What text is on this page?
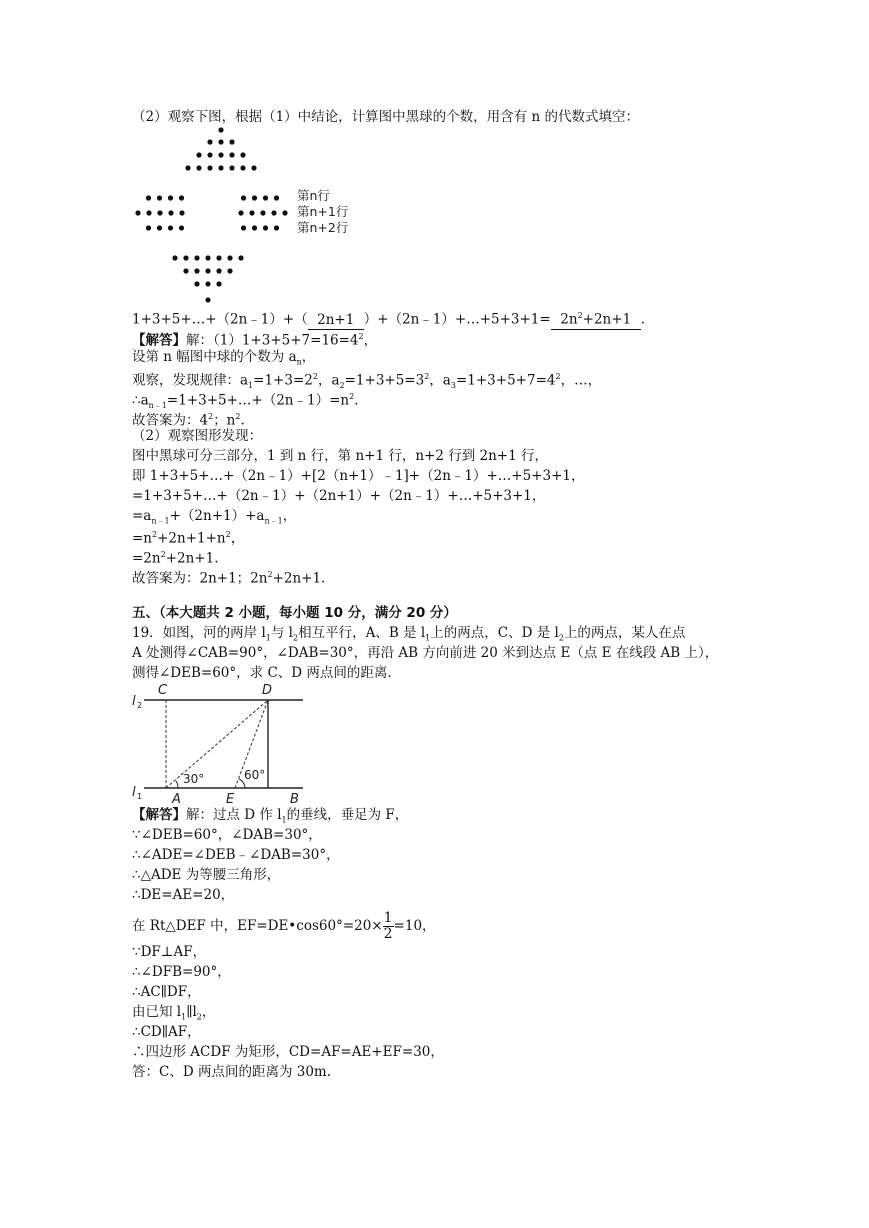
（2）观察下图，根据（1）中结论，计算图中黑球的个数，用含有 n 的代数式填空：
第n行
第n+1行
第n+2行
1+3+5+…+（2n﹣1）+（ 2n+1 ）+（2n﹣1）+…+5+3+1= $2n^2+2n+1$ .
【解答】解：$(1)1+3+5+7=16=4^2$，
设第 n 幅图中球的个数为 $a_n$，
观察，发现规律：$a_1=1+3=2^2$，$a_2=1+3+5=3^2$，$a_3=1+3+5+7=4^2$，…，
$\therefore a_{n﹣1}=1+3+5+\dots+(2n﹣1)=n^2$.
故答案为：$4^2$；$n^2$.
（2）观察图形发现：
图中黑球可分三部分，1 到 n 行，第 n+1 行，n+2 行到 2n+1 行，
即 1+3+5+…+（2n﹣1）+[2（n+1）﹣1]+（2n﹣1）+…+5+3+1，
=1+3+5+…+（2n﹣1）+（2n+1）+（2n﹣1）+…+5+3+1，
$=a_{n﹣1}+(2n+1)+a_{n﹣1}$，
$=n^2+2n+1+n^2$，
$=2n^2+2n+1$.
故答案为：2n+1；$2n^2+2n+1$.
五、（本大题共 2 小题，每小题 10 分，满分 20 分）
19．如图，河的两岸 $l_1$与 $l_2$相互平行，A、B 是 $l_1$上的两点，C、D 是 $l_2$上的两点，某人在点
A 处测得∠CAB=90°，∠DAB=30°，再沿 AB 方向前进 20 米到达点 E（点 E 在线段 AB 上），
测得∠DEB=60°，求 C、D 两点间的距离.
C	D
A	E	B
l
l
2
1
30°	60°
【解答】解：过点 D 作 $l_1$的垂线，垂足为 F，
∵∠DEB=60°，∠DAB=30°，
∴∠ADE=∠DEB﹣∠DAB=30°，
∴△ADE 为等腰三角形，
∴DE=AE=20，
在 Rt△DEF 中，EF=DE•cos60°=20× $\frac{1}{2} =10$，
∵DF⊥AF，
∴∠DFB=90°，
∴AC∥DF，
由已知 $l_1\parallel l_2$，
∴CD∥AF，
∴四边形 ACDF 为矩形，CD=AF=AE+EF=30，
答：C、D 两点间的距离为 30m.
